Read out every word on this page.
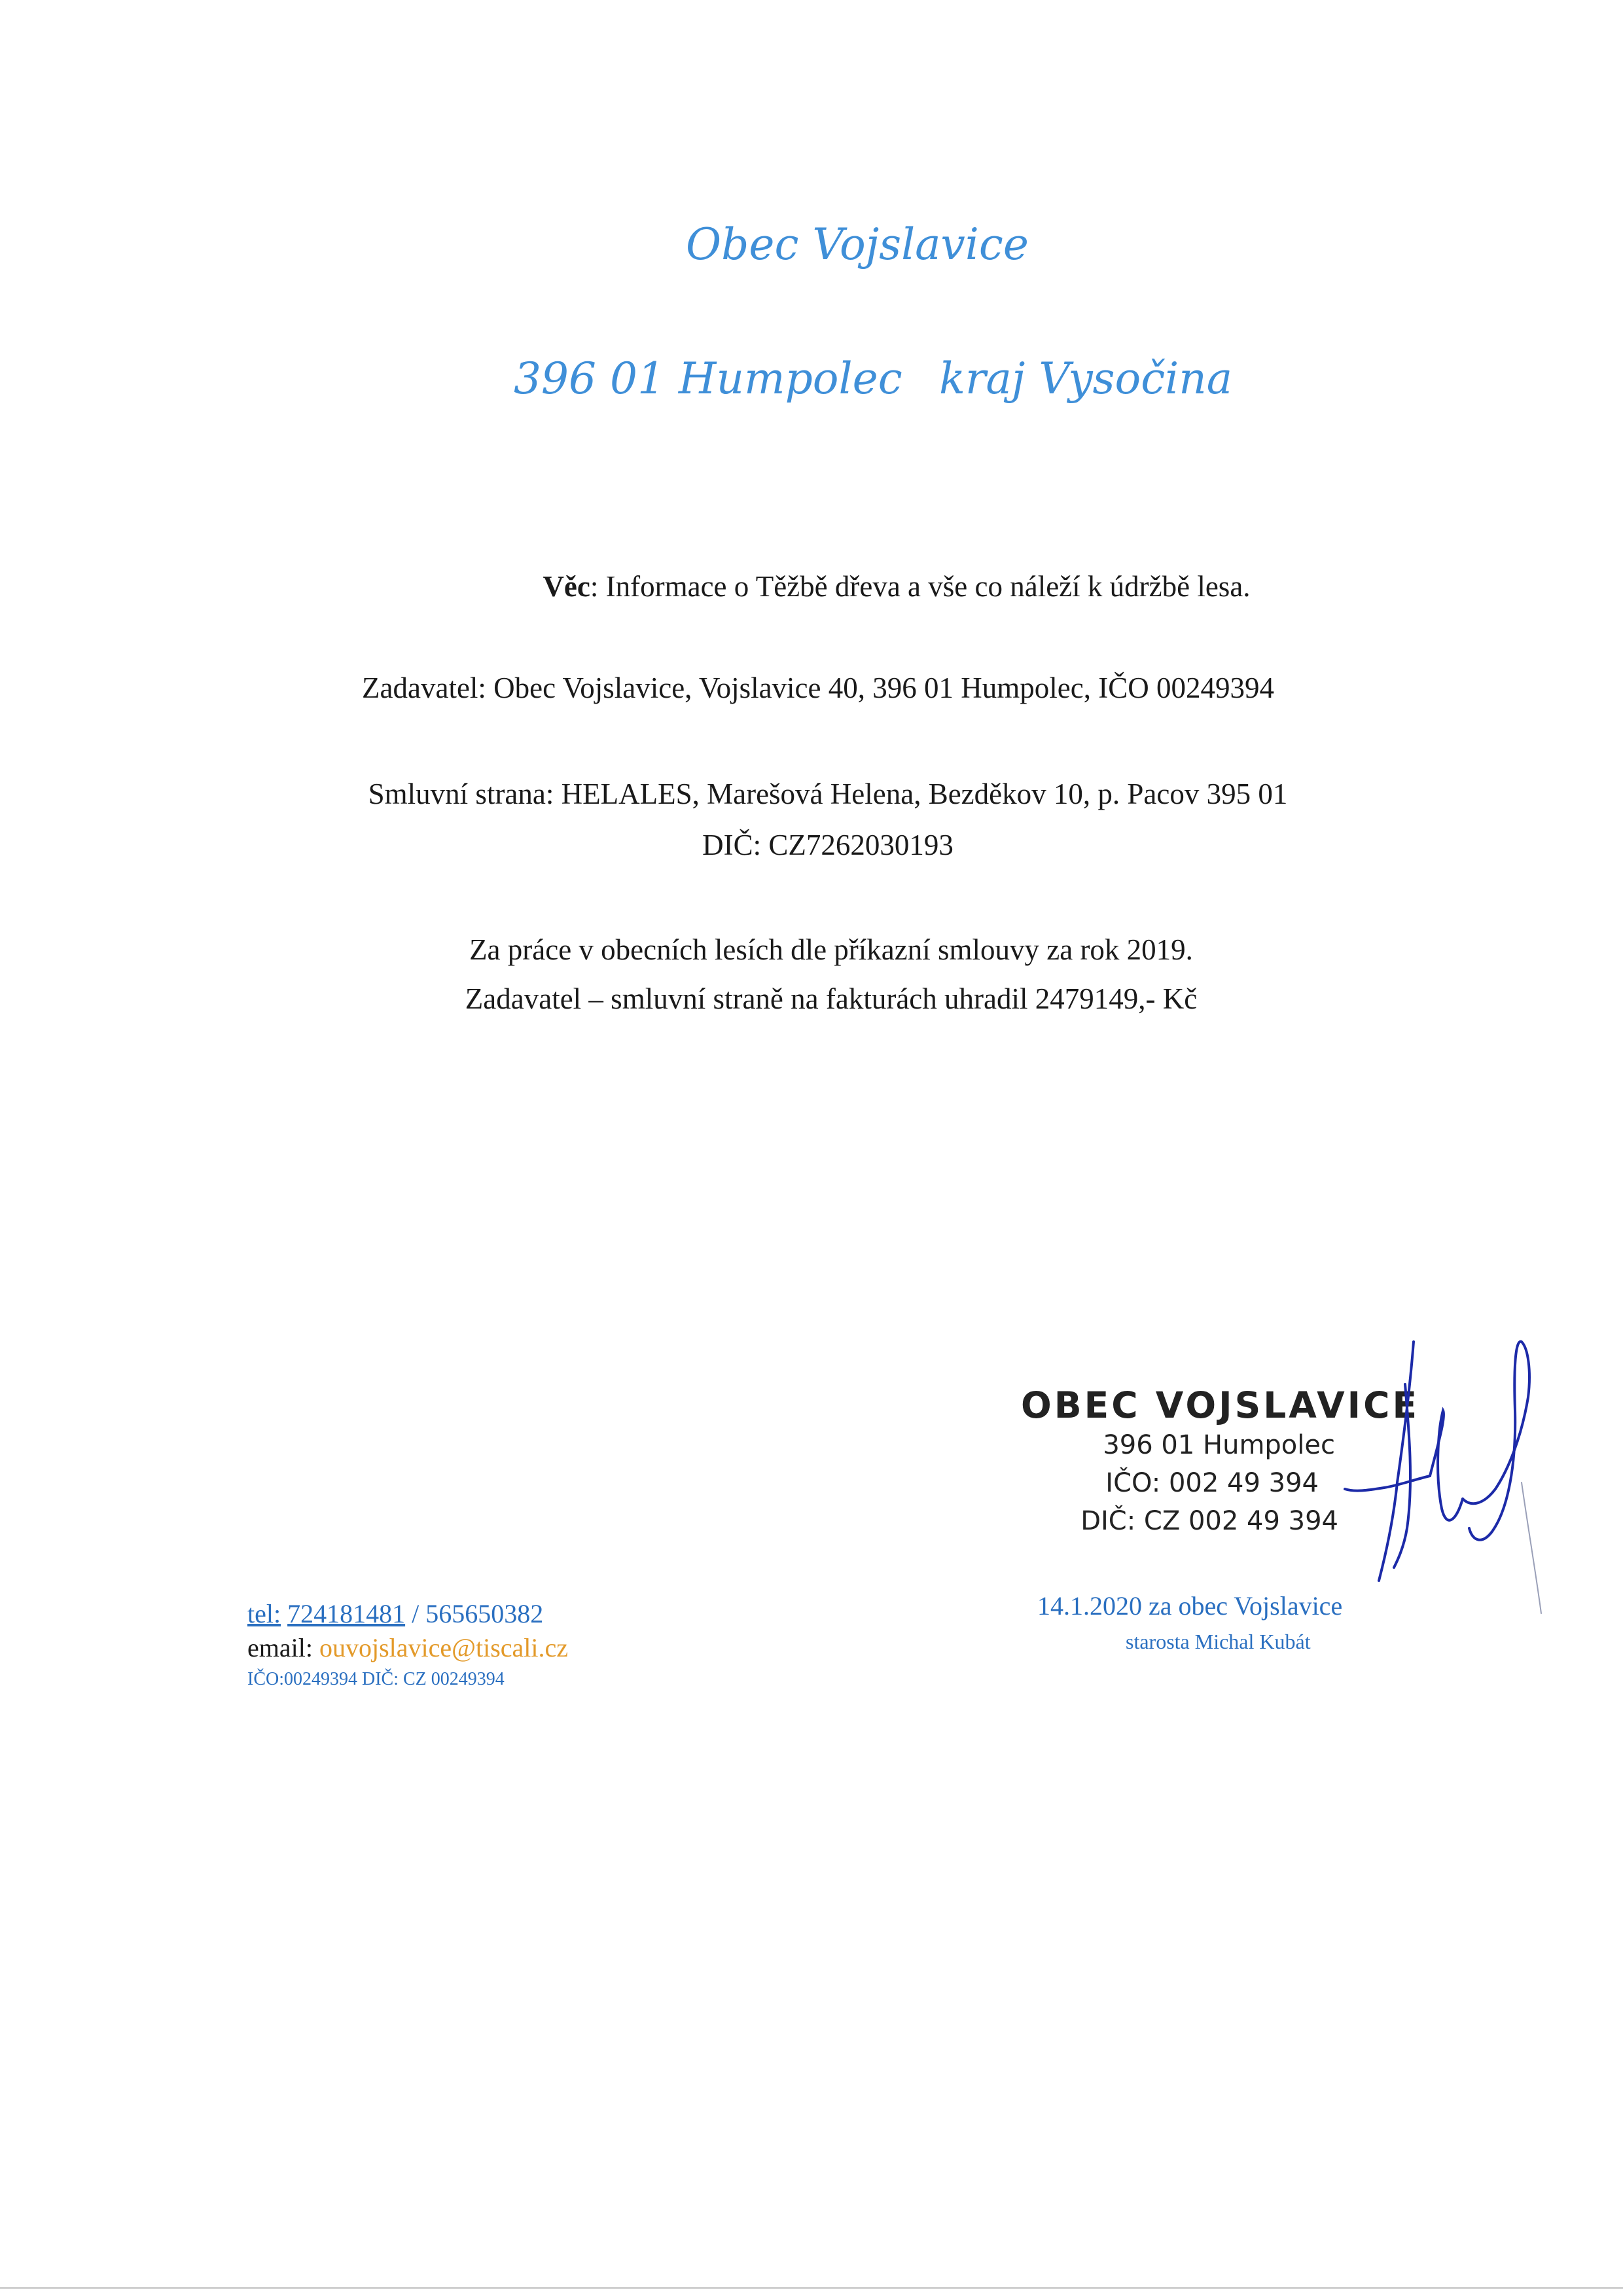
Obec Vojslavice
396 01 Humpolec kraj Vysočina
Věc: Informace o Těžbě dřeva a vše co náleží k údržbě lesa.
Zadavatel: Obec Vojslavice, Vojslavice 40, 396 01 Humpolec, IČO 00249394
Smluvní strana: HELALES, Marešová Helena, Bezděkov 10, p. Pacov 395 01
DIČ: CZ7262030193
Za práce v obecních lesích dle příkazní smlouvy za rok 2019.
Zadavatel – smluvní straně na fakturách uhradil 2479149,- Kč
OBEC VOJSLAVICE
396 01 Humpolec
IČO: 002 49 394
DIČ: CZ 002 49 394
14.1.2020 za obec Vojslavice
starosta Michal Kubát
tel: 724181481 / 565650382
email: ouvojslavice@tiscali.cz
IČO:00249394 DIČ: CZ 00249394
